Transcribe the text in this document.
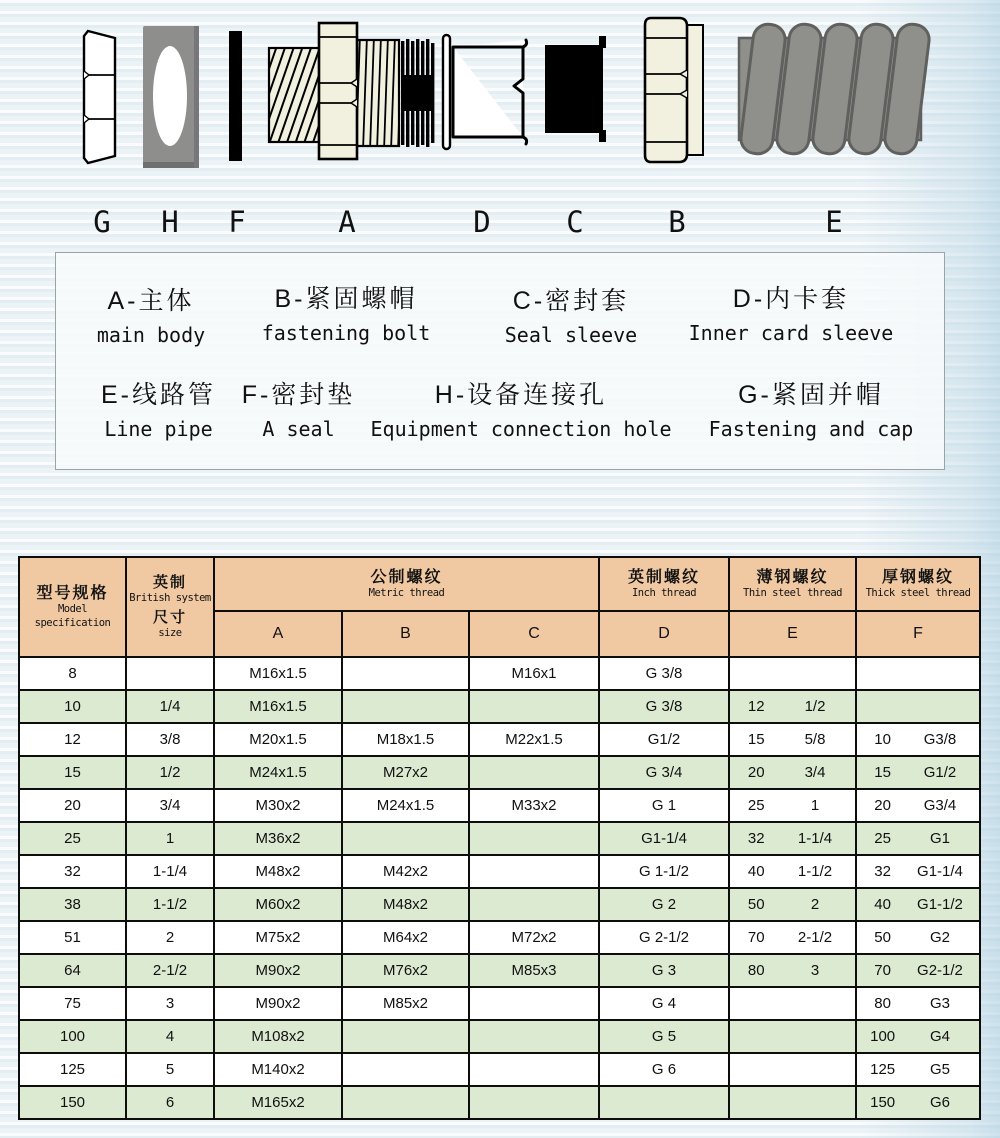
G H F	A	D	C	B	E
A-主体
main body
B-紧固螺帽
fastening bolt
C-密封套
Seal sleeve
D-内卡套
Inner card sleeve
E-线路管
Line pipe
F-密封垫
A seal
H-设备连接孔
Equipment connection hole
G-紧固并帽
Fastening and cap
型号规格
Model
specification

英制
British system
尺寸
size

公制螺纹
Metric thread

英制螺纹
Inch thread

薄钢螺纹
Thin steel thread

厚钢螺纹
Thick steel thread

		A	B	C	D	E	F
8		M16x1.5		M16x1	G 3/8	

10	1/4	M16x1.5			G 3/8	12 1/2	

12	3/8	M20x1.5	M18x1.5	M22x1.5	G1/2	15 5/8	10 G3/8

15	1/2	M24x1.5	M27x2		G 3/4	20 3/4	15 G1/2

20	3/4	M30x2	M24x1.5	M33x2	G 1	25 1	20 G3/4

25	1	M36x2			G1-1/4	32 1-1/4	25 G1

32	1-1/4	M48x2	M42x2		G 1-1/2	40 1-1/2	32 G1-1/4

38	1-1/2	M60x2	M48x2		G 2	50 2	40 G1-1/2

51	2	M75x2	M64x2	M72x2	G 2-1/2	70 2-1/2	50 G2

64	2-1/2	M90x2	M76x2	M85x3	G 3	80 3	70 G2-1/2

75	3	M90x2	M85x2		G 4		80 G3

100	4	M108x2			G 5		100 G4

125	5	M140x2			G 6		125 G5

150	6	M165x2					150 G6
